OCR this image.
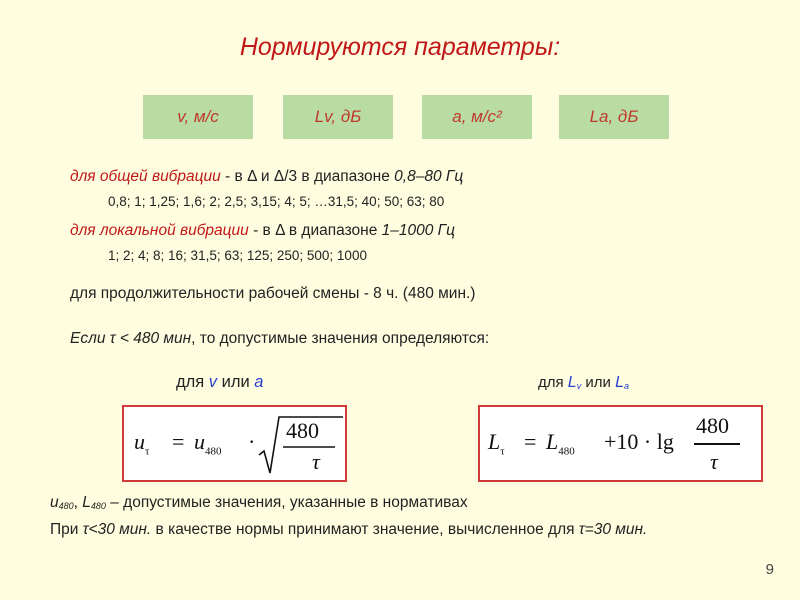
Нормируются параметры:
v, м/с	Lv, дБ	a, м/с²	La, дБ
для общей вибрации - в Δ и Δ/3 в диапазоне 0,8–80 Гц
0,8; 1; 1,25; 1,6; 2; 2,5; 3,15; 4; 5; …31,5; 40; 50; 63; 80
для локальной вибрации - в Δ в диапазоне 1–1000 Гц
1; 2; 4; 8; 16; 31,5; 63; 125; 250; 500; 1000
для продолжительности рабочей смены - 8 ч. (480 мин.)
Если τ < 480 мин, то допустимые значения определяются:
для v или a	для $L_v$ или $L_a$
$u_\tau = u_{480} \cdot 480$
τ
$L_\tau = L_{480} +10 \cdot \lg$
480
τ
$u_{480}$, $L_{480}$ – допустимые значения, указанные в нормативах
При τ<30 мин. в качестве нормы принимают значение, вычисленное для τ=30 мин.
9
